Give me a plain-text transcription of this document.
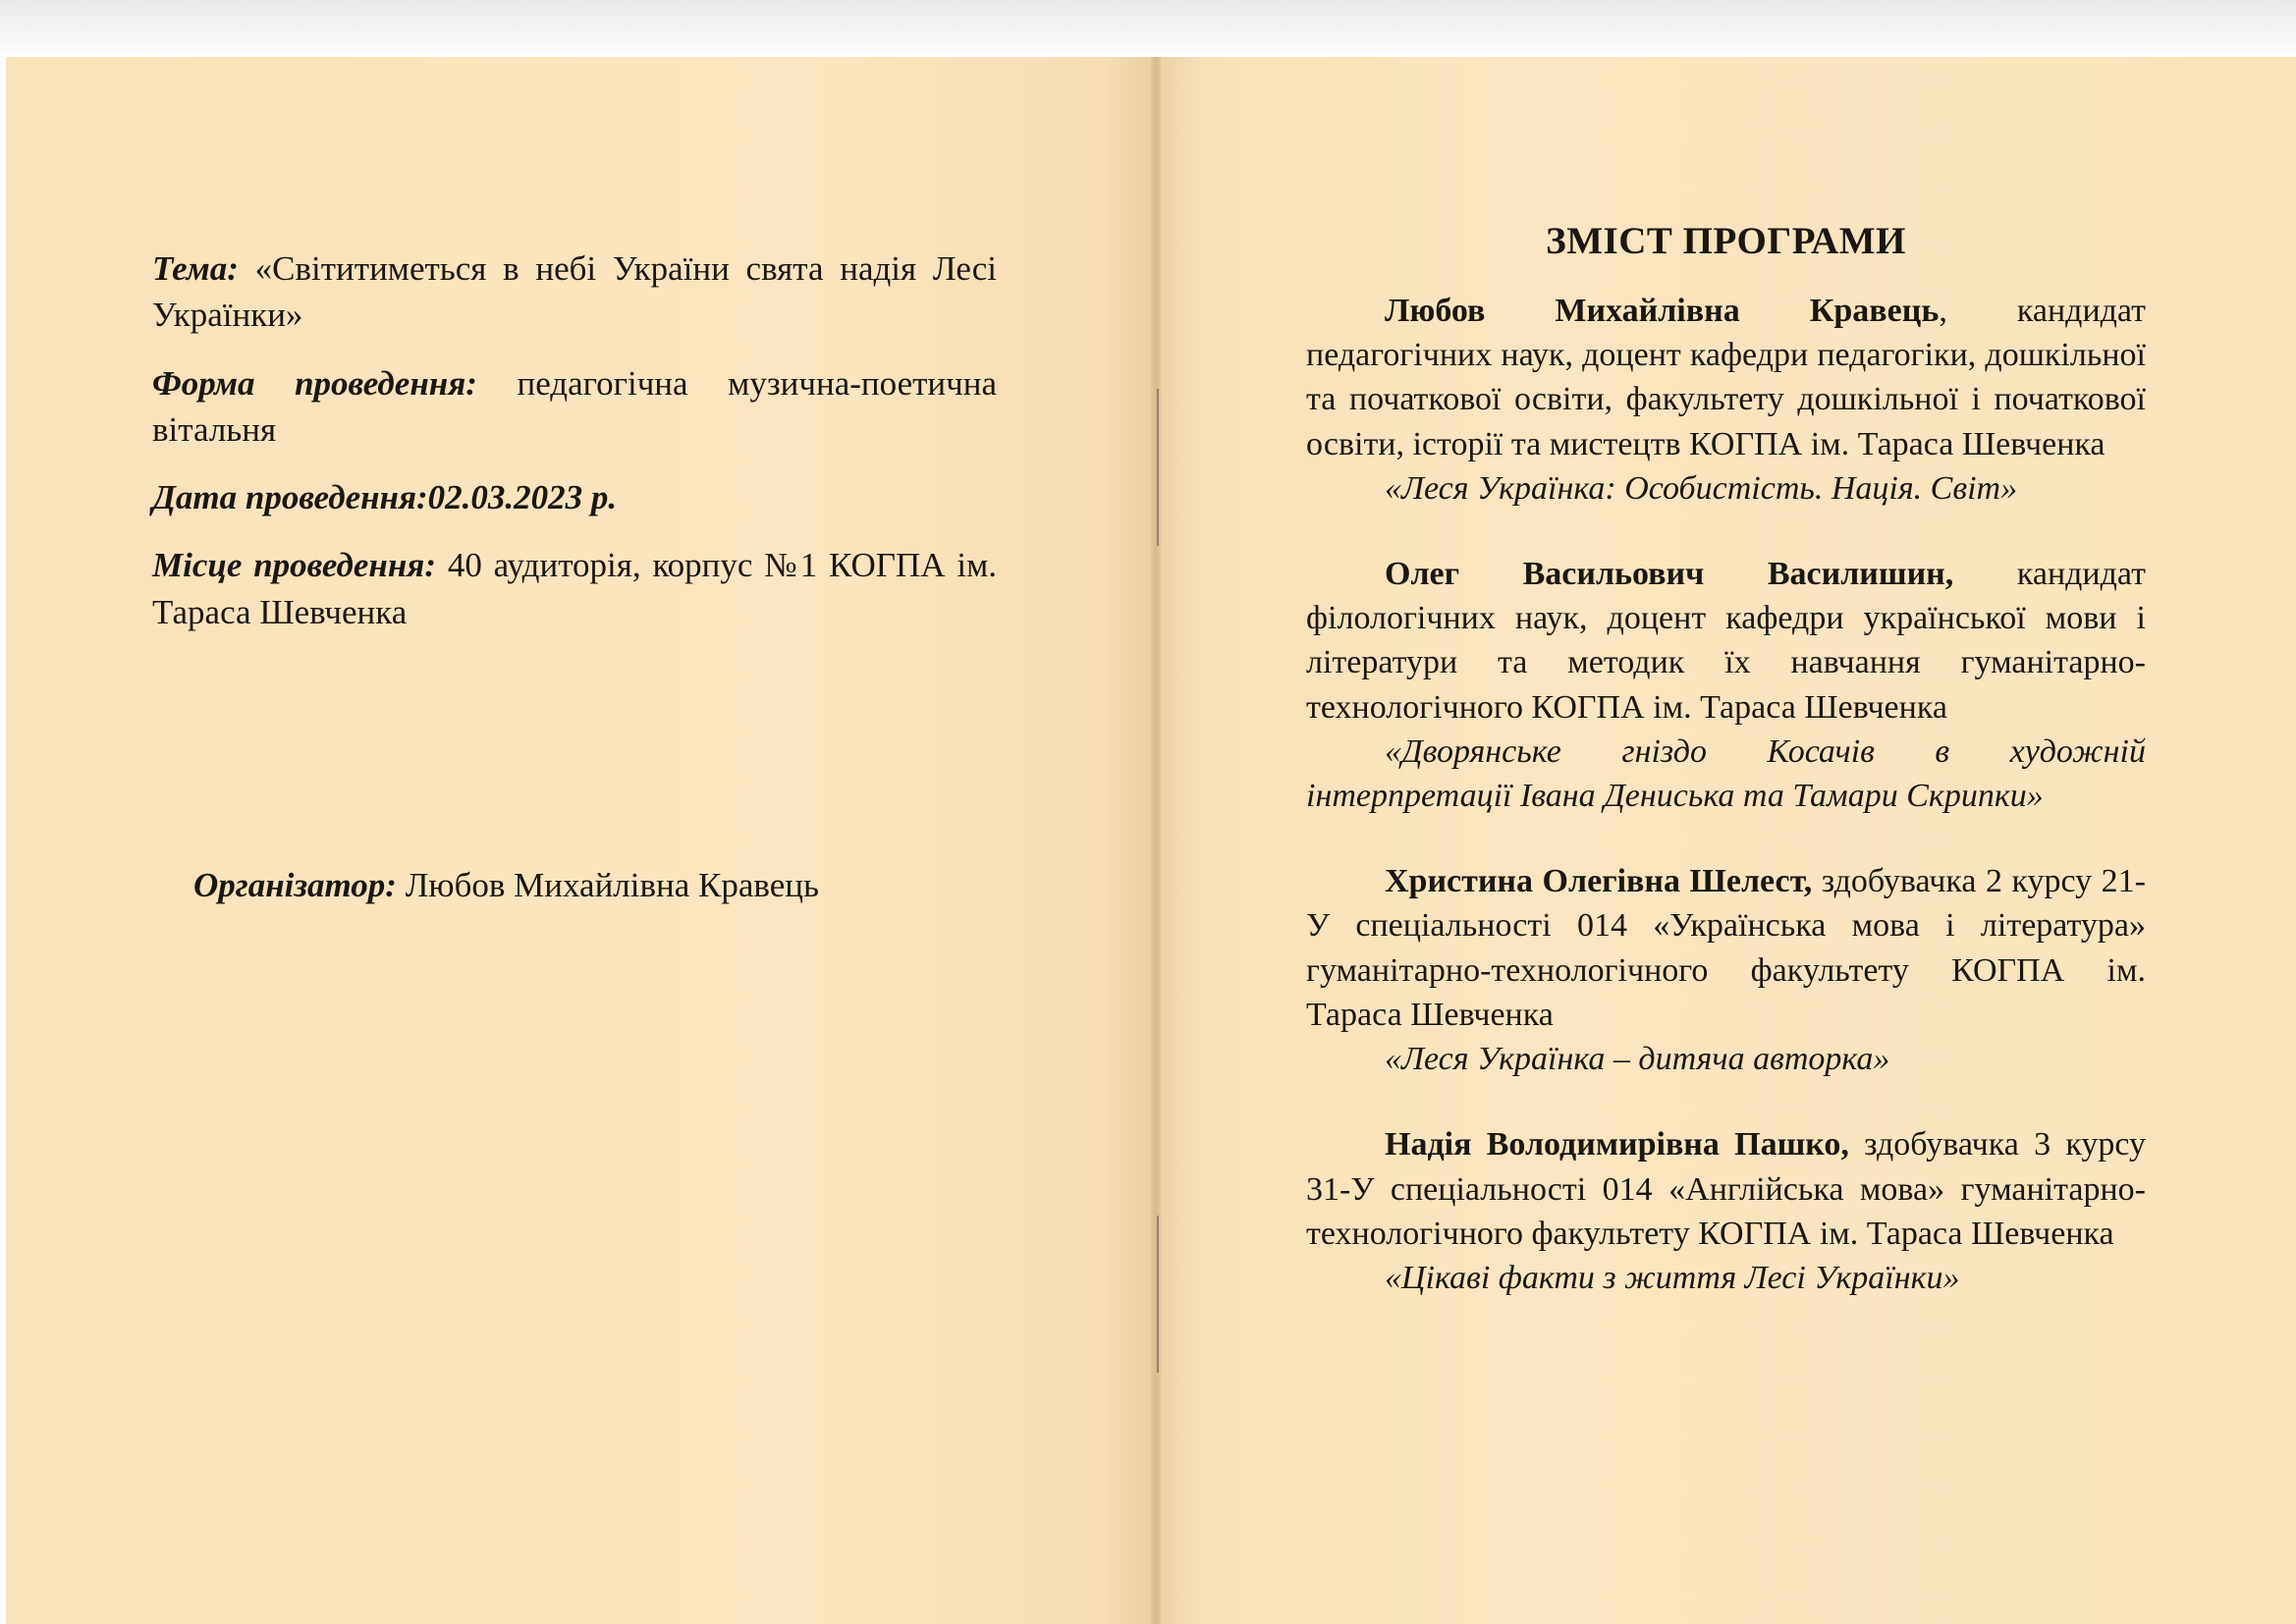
Тема: «Світитиметься в небі України свята надія Лесі Українки»

Форма проведення: педагогічна музична-поетична вітальня

Дата проведення:02.03.2023 р.

Місце проведення: 40 аудиторія, корпус №1 КОГПА ім. Тараса Шевченка

Організатор: Любов Михайлівна Кравець

ЗМІСТ ПРОГРАМИ

Любов Михайлівна Кравець, кандидат педагогічних наук, доцент кафедри педагогіки, дошкільної та початкової освіти, факультету дошкільної і початкової освіти, історії та мистецтв КОГПА ім. Тараса Шевченка

«Леся Українка: Особистість. Нація. Світ»

Олег Васильович Василишин, кандидат філологічних наук, доцент кафедри української мови і літератури та методик їх навчання гуманітарно-технологічного КОГПА ім. Тараса Шевченка

«Дворянське гніздо Косачів в художній інтерпретації Івана Дениська та Тамари Скрипки»

Христина Олегівна Шелест, здобувачка 2 курсу 21-У спеціальності 014 «Українська мова і література» гуманітарно-технологічного факультету КОГПА ім. Тараса Шевченка

«Леся Українка – дитяча авторка»

Надія Володимирівна Пашко, здобувачка 3 курсу 31-У спеціальності 014 «Англійська мова» гуманітарно-технологічного факультету КОГПА ім. Тараса Шевченка

«Цікаві факти з життя Лесі Українки»
